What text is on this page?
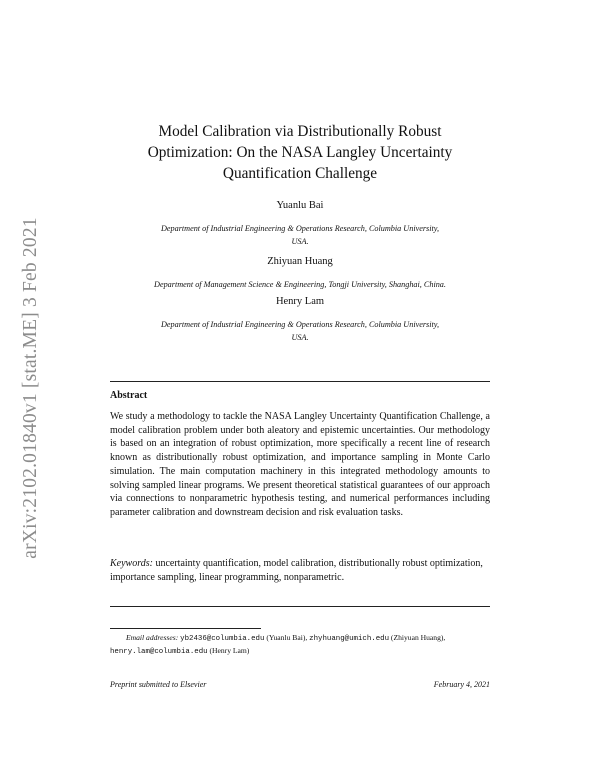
arXiv:2102.01840v1 [stat.ME] 3 Feb 2021
Model Calibration via Distributionally Robust
Optimization: On the NASA Langley Uncertainty
Quantification Challenge
Yuanlu Bai
Department of Industrial Engineering & Operations Research, Columbia University,
USA.
Zhiyuan Huang
Department of Management Science & Engineering, Tongji University, Shanghai, China.
Henry Lam
Department of Industrial Engineering & Operations Research, Columbia University,
USA.
Abstract

We study a methodology to tackle the NASA Langley Uncertainty Quantification Challenge, a model calibration problem under both aleatory and epistemic uncertainties. Our methodology is based on an integration of robust optimization, more specifically a recent line of research known as distributionally robust optimization, and importance sampling in Monte Carlo simulation. The main computation machinery in this integrated methodology amounts to solving sampled linear programs. We present theoretical statistical guarantees of our approach via connections to nonparametric hypothesis testing, and numerical performances including parameter calibration and downstream decision and risk evaluation tasks.

Keywords: uncertainty quantification, model calibration, distributionally robust optimization, importance sampling, linear programming, nonparametric.

Email addresses: yb2436@columbia.edu (Yuanlu Bai), zhyhuang@umich.edu (Zhiyuan Huang), henry.lam@columbia.edu (Henry Lam)

Preprint submitted to Elsevier	February 4, 2021
